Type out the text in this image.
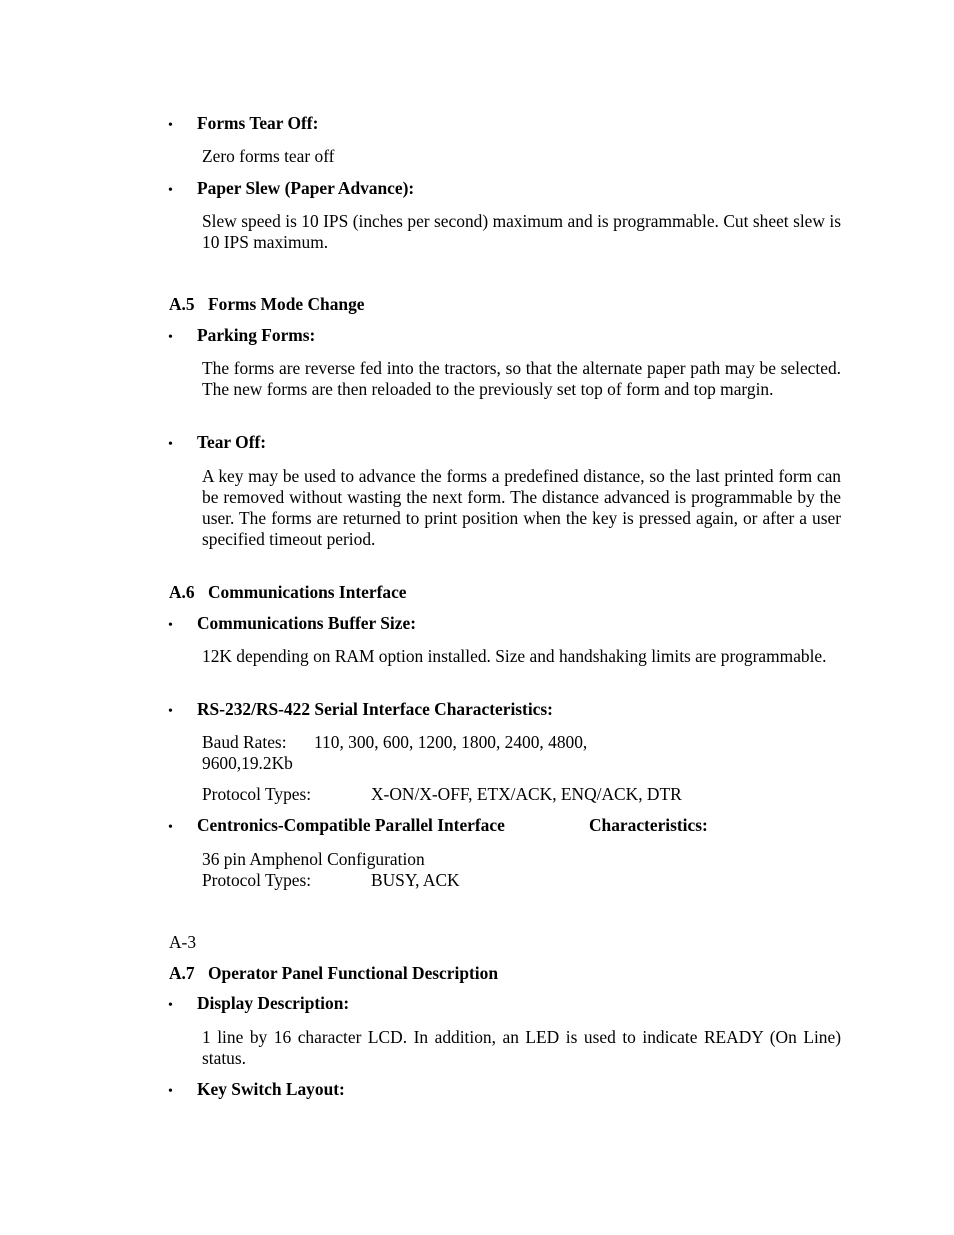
• Forms Tear Off:
Zero forms tear off
• Paper Slew (Paper Advance):
Slew speed is 10 IPS (inches per second) maximum and is programmable. Cut sheet slew is 10 IPS maximum.
A.5 Forms Mode Change
• Parking Forms:
The forms are reverse fed into the tractors, so that the alternate paper path may be selected. The new forms are then reloaded to the previously set top of form and top margin.
• Tear Off:
A key may be used to advance the forms a predefined distance, so the last printed form can be removed without wasting the next form. The distance advanced is programmable by the user. The forms are returned to print position when the key is pressed again, or after a user specified timeout period.
A.6 Communications Interface
• Communications Buffer Size:
12K depending on RAM option installed. Size and handshaking limits are programmable.
• RS-232/RS-422 Serial Interface Characteristics:
Baud Rates: 110, 300, 600, 1200, 1800, 2400, 4800,
9600,19.2Kb
Protocol Types:	X-ON/X-OFF, ETX/ACK, ENQ/ACK, DTR
• Centronics-Compatible Parallel Interface	Characteristics:
36 pin Amphenol Configuration
Protocol Types:	BUSY, ACK
A-3
A.7 Operator Panel Functional Description
• Display Description:
1 line by 16 character LCD. In addition, an LED is used to indicate READY (On Line) status.
• Key Switch Layout:
